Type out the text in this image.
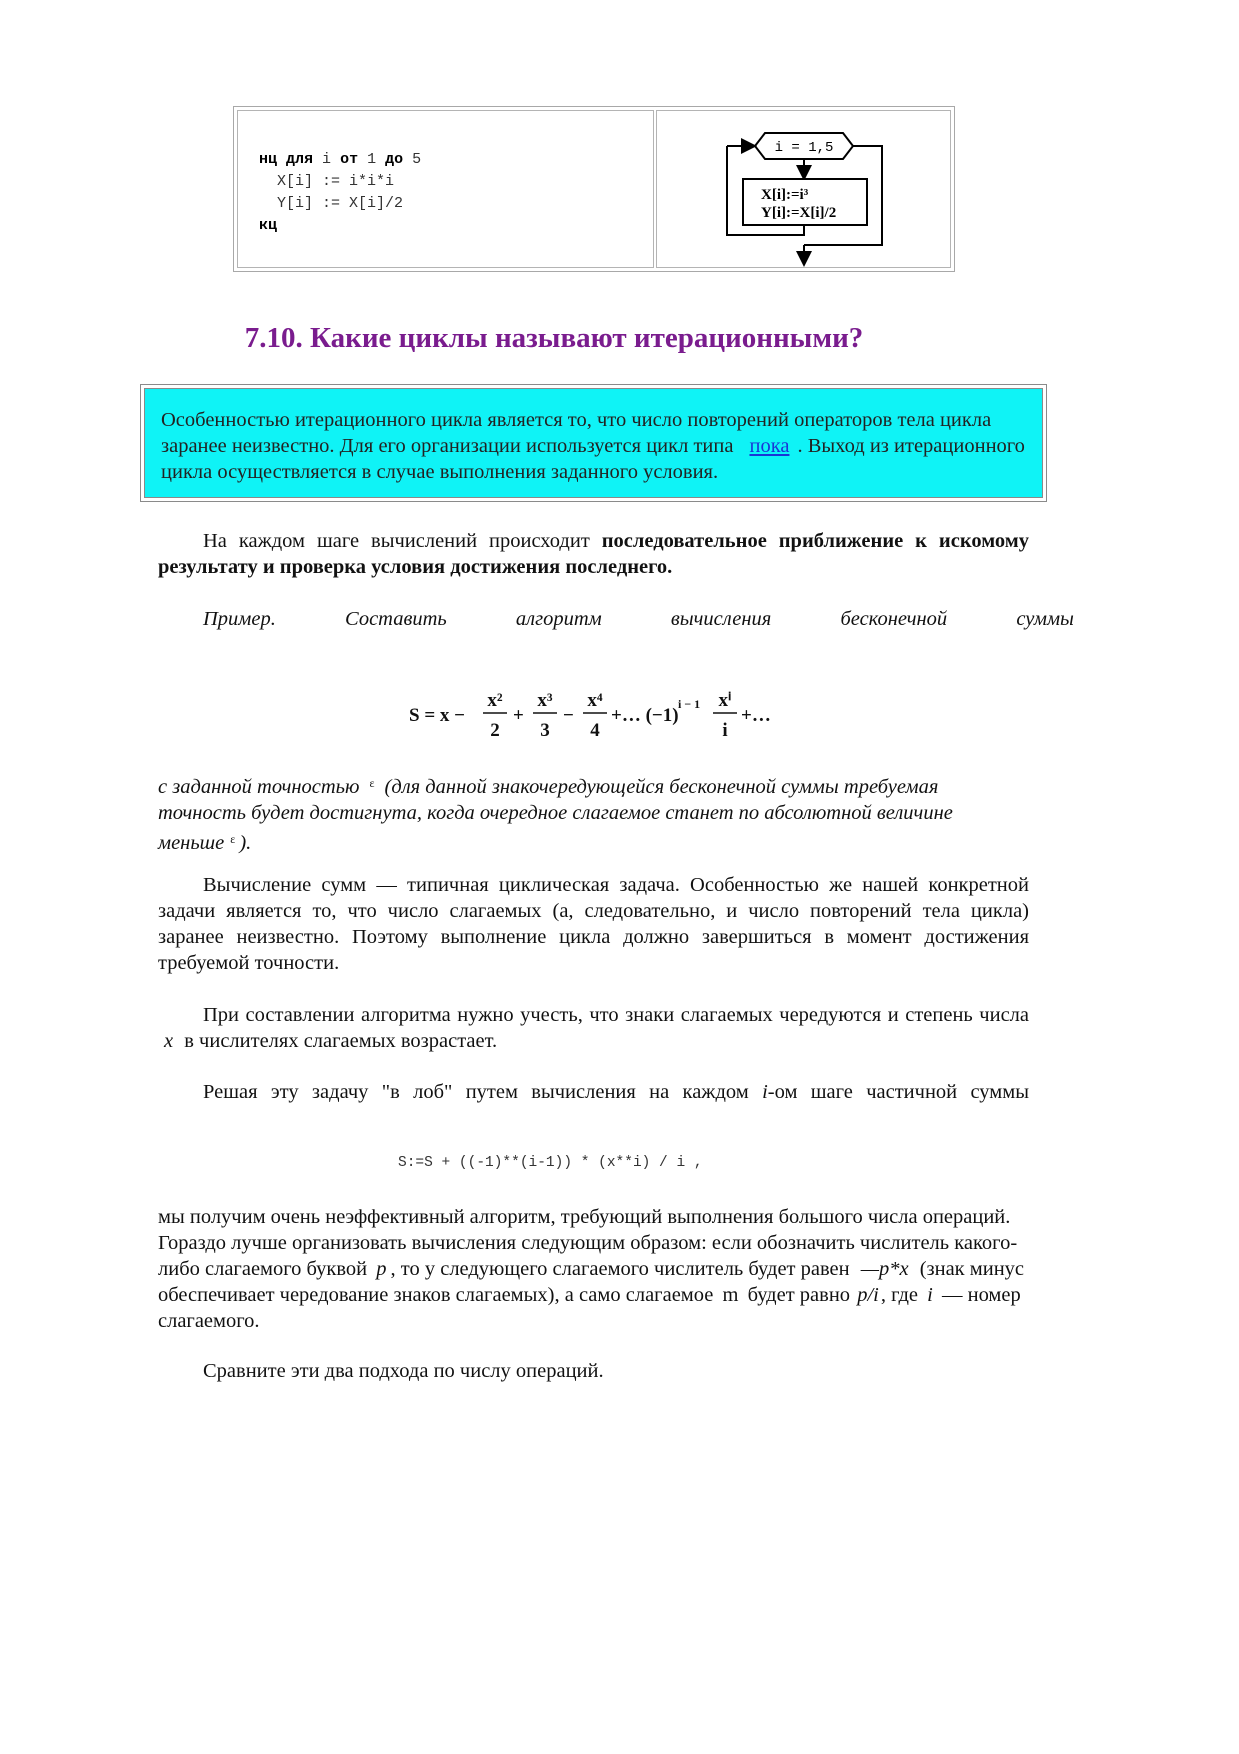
нц для i от 1 до 5
X[i] := i*i*i
Y[i] := X[i]/2
кц
i = 1,5
X[i]:=i³
Y[i]:=X[i]/2
7.10. Какие циклы называют итерационными?
Особенностью итерационного цикла является то, что число повторений операторов тела цикла заранее неизвестно. Для его организации используется цикл типа пока . Выход из итерационного цикла осуществляется в случае выполнения заданного условия.
На каждом шаге вычислений происходит последовательное приближение к искомому результату и проверка условия достижения последнего.
Пример.	Составить	алгоритм	вычисления	бесконечной	суммы
S = x −
x²
2
+
x³
3
−
x⁴
4
+… (−1)
i − 1 xⁱ
i
+…
с заданной точностью ε (для данной знакочередующейся бесконечной суммы требуемая точность будет достигнута, когда очередное слагаемое станет по абсолютной величине меньше ε ).
Вычисление сумм — типичная циклическая задача. Особенностью же нашей конкретной задачи является то, что число слагаемых (а, следовательно, и число повторений тела цикла) заранее неизвестно. Поэтому выполнение цикла должно завершиться в момент достижения требуемой точности.
При составлении алгоритма нужно учесть, что знаки слагаемых чередуются и степень числа x в числителях слагаемых возрастает.
Решая эту задачу "в лоб" путем вычисления на каждом i-ом шаге частичной суммы
S:=S + ((-1)**(i-1)) * (x**i) / i ,
мы получим очень неэффективный алгоритм, требующий выполнения большого числа операций. Гораздо лучше организовать вычисления следующим образом: если обозначить числитель какого-либо слагаемого буквой p , то у следующего слагаемого числитель будет равен —p*x (знак минус обеспечивает чередование знаков слагаемых), а само слагаемое m будет равно p/i, где i — номер слагаемого.
Сравните эти два подхода по числу операций.
